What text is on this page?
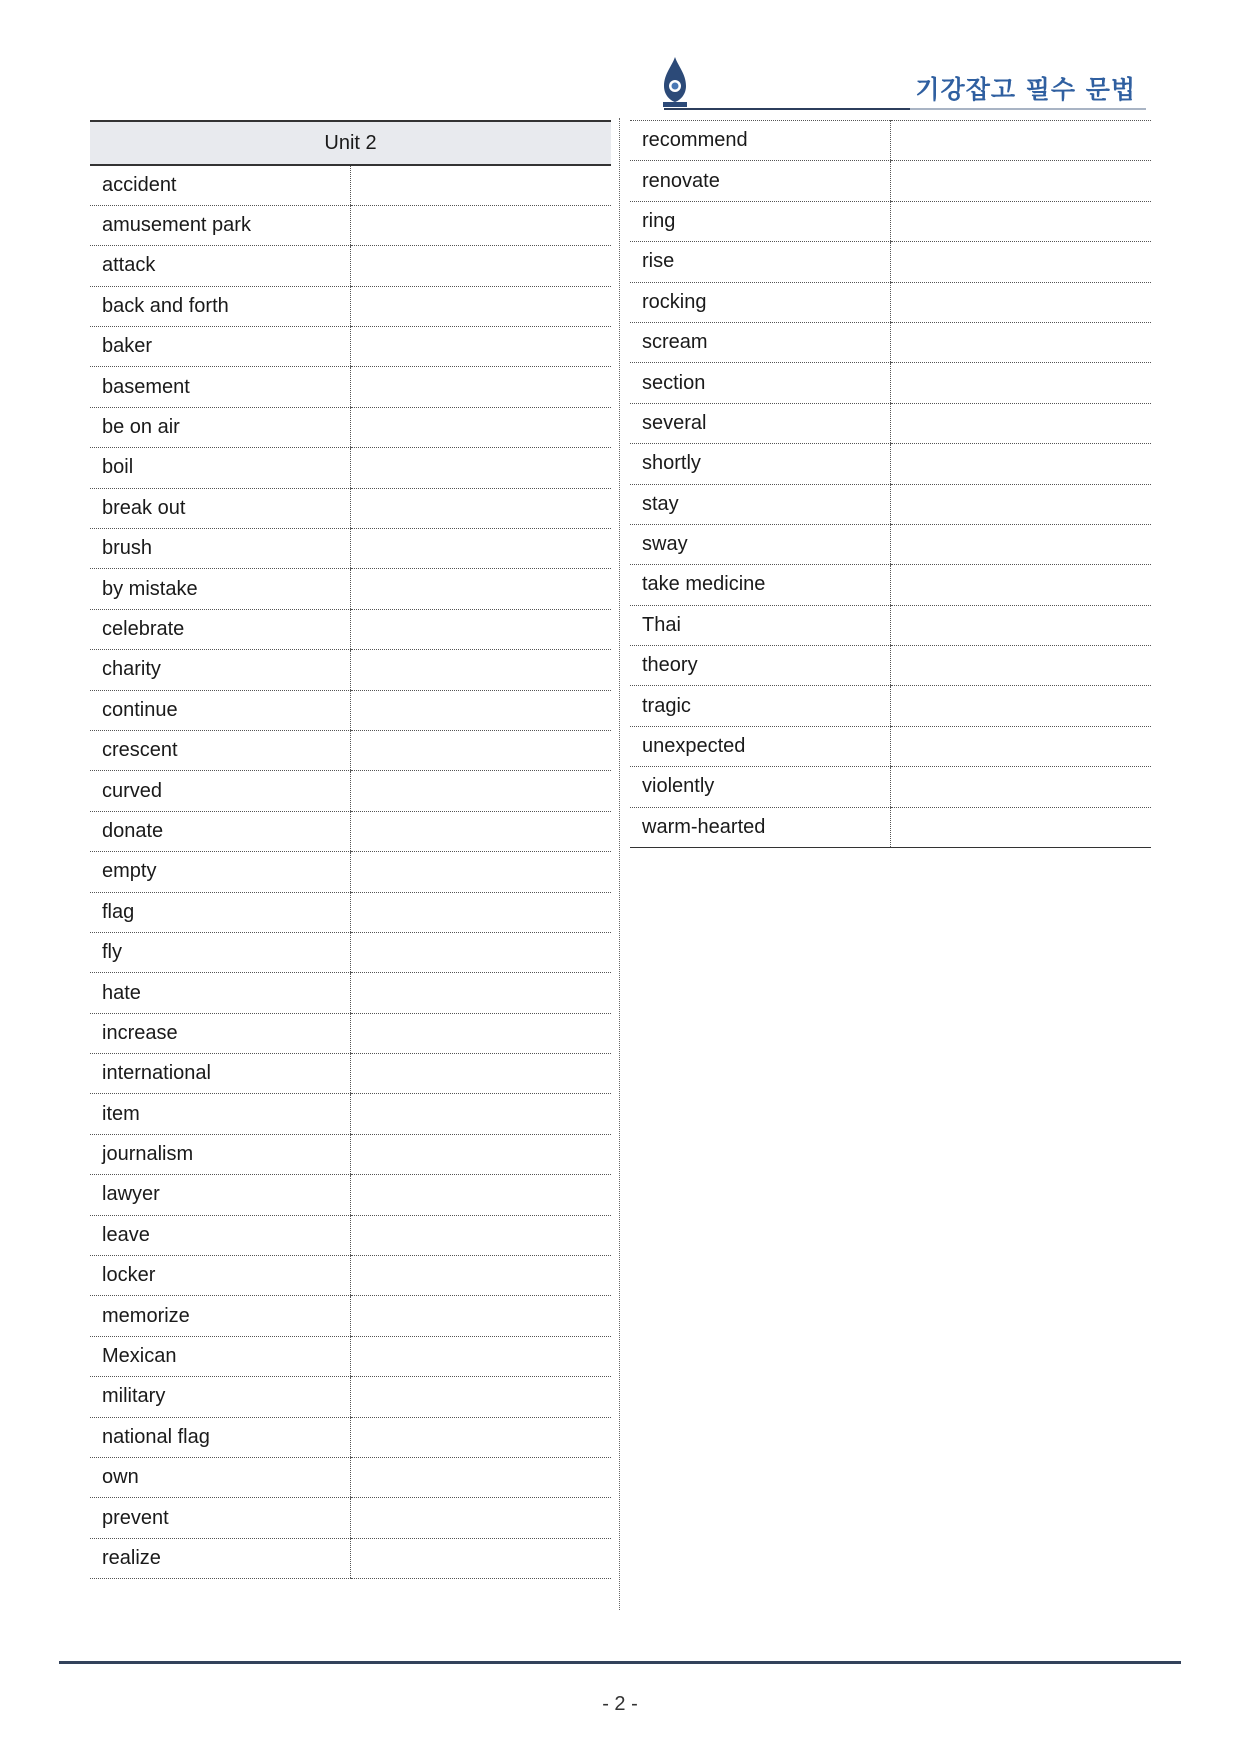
기강잡고 필수 문법
Unit 2	
accident	
amusement park	
attack	
back and forth	
baker	
basement	
be on air	
boil	
break out	
brush	
by mistake	
celebrate	
charity	
continue	
crescent	
curved	
donate	
empty	
flag	
fly	
hate	
increase	
international	
item	
journalism	
lawyer	
leave	
locker	
memorize	
Mexican	
military	
national flag	
own	
prevent	
realize	
recommend	
renovate	
ring	
rise	
rocking	
scream	
section	
several	
shortly	
stay	
sway	
take medicine	
Thai	
theory	
tragic	
unexpected	
violently	
warm-hearted	
- 2 -
